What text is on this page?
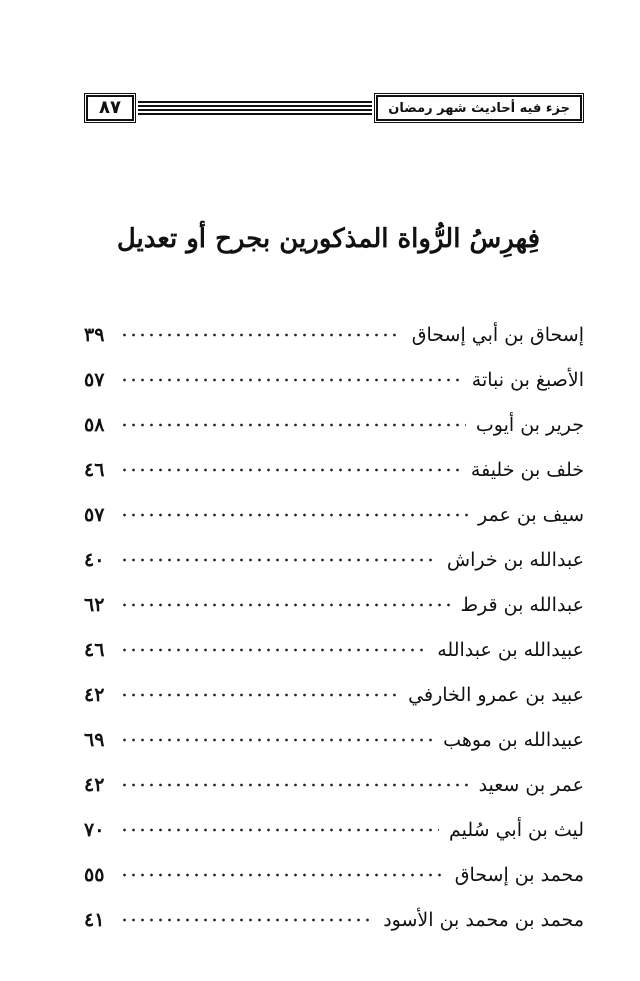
٨٧	جزء فيه أحاديث شهر رمضان
فِهرِسُ الرُّواة المذكورين بجرح أو تعديل
إسحاق بن أبي إسحاق
٣٩
الأصبغ بن نباتة
٥٧
جرير بن أيوب
٥٨
خلف بن خليفة
٤٦
سيف بن عمر
٥٧
عبدالله بن خراش
٤٠
عبدالله بن قرط
٦٢
عبيدالله بن عبدالله
٤٦
عبيد بن عمرو الخارفي
٤٢
عبيدالله بن موهب
٦٩
عمر بن سعيد
٤٢
ليث بن أبي سُليم
٧٠
محمد بن إسحاق
٥٥
محمد بن محمد بن الأسود
٤١
